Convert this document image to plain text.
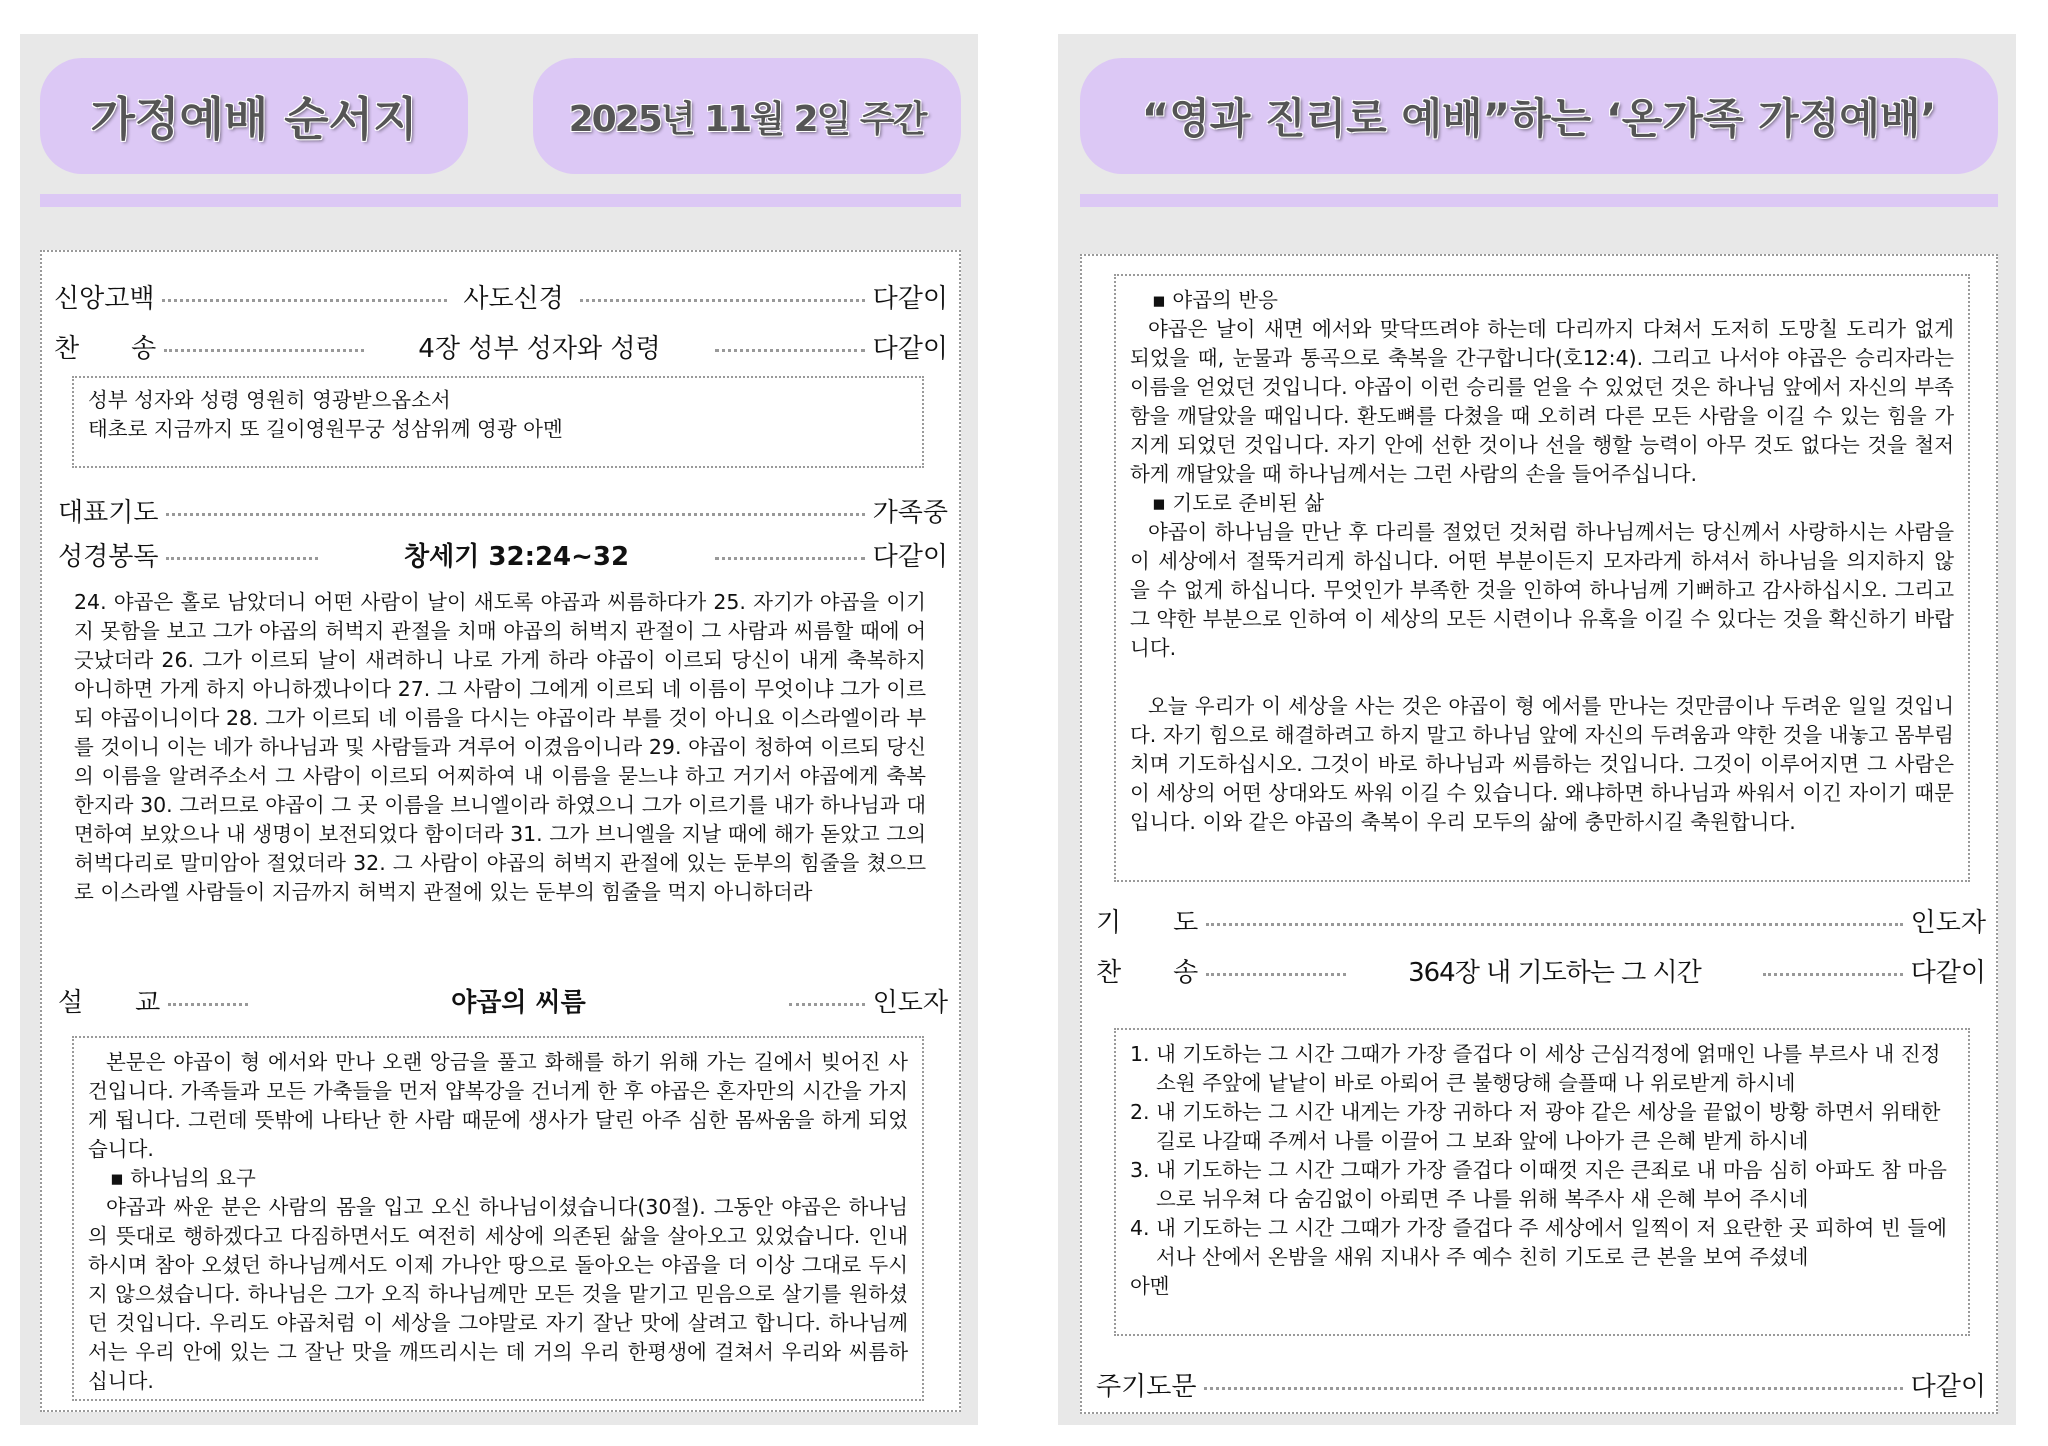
가정예배 순서지	2025년 11월 2일 주간
신앙고백	사도신경	다같이
찬　　송	4장 성부 성자와 성령	다같이

성부 성자와 성령 영원히 영광받으옵소서

태초로 지금까지 또 길이영원무궁 성삼위께 영광 아멘

대표기도	가족중
성경봉독	창세기 32:24~32	다같이
24. 야곱은 홀로 남았더니 어떤 사람이 날이 새도록 야곱과 씨름하다가 25. 자기가 야곱을 이기지 못함을 보고 그가 야곱의 허벅지 관절을 치매 야곱의 허벅지 관절이 그 사람과 씨름할 때에 어긋났더라 26. 그가 이르되 날이 새려하니 나로 가게 하라 야곱이 이르되 당신이 내게 축복하지 아니하면 가게 하지 아니하겠나이다 27. 그 사람이 그에게 이르되 네 이름이 무엇이냐 그가 이르되 야곱이니이다 28. 그가 이르되 네 이름을 다시는 야곱이라 부를 것이 아니요 이스라엘이라 부를 것이니 이는 네가 하나님과 및 사람들과 겨루어 이겼음이니라 29. 야곱이 청하여 이르되 당신의 이름을 알려주소서 그 사람이 이르되 어찌하여 내 이름을 묻느냐 하고 거기서 야곱에게 축복한지라 30. 그러므로 야곱이 그 곳 이름을 브니엘이라 하였으니 그가 이르기를 내가 하나님과 대면하여 보았으나 내 생명이 보전되었다 함이더라 31. 그가 브니엘을 지날 때에 해가 돋았고 그의 허벅다리로 말미암아 절었더라 32. 그 사람이 야곱의 허벅지 관절에 있는 둔부의 힘줄을 쳤으므로 이스라엘 사람들이 지금까지 허벅지 관절에 있는 둔부의 힘줄을 먹지 아니하더라
설　　교	야곱의 씨름	인도자

본문은 야곱이 형 에서와 만나 오랜 앙금을 풀고 화해를 하기 위해 가는 길에서 빚어진 사건입니다. 가족들과 모든 가축들을 먼저 얍복강을 건너게 한 후 야곱은 혼자만의 시간을 가지게 됩니다. 그런데 뜻밖에 나타난 한 사람 때문에 생사가 달린 아주 심한 몸싸움을 하게 되었습니다.

▪ 하나님의 요구

야곱과 싸운 분은 사람의 몸을 입고 오신 하나님이셨습니다(30절). 그동안 야곱은 하나님의 뜻대로 행하겠다고 다짐하면서도 여전히 세상에 의존된 삶을 살아오고 있었습니다. 인내하시며 참아 오셨던 하나님께서도 이제 가나안 땅으로 돌아오는 야곱을 더 이상 그대로 두시지 않으셨습니다. 하나님은 그가 오직 하나님께만 모든 것을 맡기고 믿음으로 살기를 원하셨던 것입니다. 우리도 야곱처럼 이 세상을 그야말로 자기 잘난 맛에 살려고 합니다. 하나님께서는 우리 안에 있는 그 잘난 맛을 깨뜨리시는 데 거의 우리 한평생에 걸쳐서 우리와 씨름하십니다.

“영과 진리로 예배”하는 ‘온가족 가정예배’

▪ 야곱의 반응

야곱은 날이 새면 에서와 맞닥뜨려야 하는데 다리까지 다쳐서 도저히 도망칠 도리가 없게 되었을 때, 눈물과 통곡으로 축복을 간구합니다(호12:4). 그리고 나서야 야곱은 승리자라는 이름을 얻었던 것입니다. 야곱이 이런 승리를 얻을 수 있었던 것은 하나님 앞에서 자신의 부족함을 깨달았을 때입니다. 환도뼈를 다쳤을 때 오히려 다른 모든 사람을 이길 수 있는 힘을 가지게 되었던 것입니다. 자기 안에 선한 것이나 선을 행할 능력이 아무 것도 없다는 것을 철저하게 깨달았을 때 하나님께서는 그런 사람의 손을 들어주십니다.

▪ 기도로 준비된 삶

야곱이 하나님을 만난 후 다리를 절었던 것처럼 하나님께서는 당신께서 사랑하시는 사람을 이 세상에서 절뚝거리게 하십니다. 어떤 부분이든지 모자라게 하셔서 하나님을 의지하지 않을 수 없게 하십니다. 무엇인가 부족한 것을 인하여 하나님께 기뻐하고 감사하십시오. 그리고 그 약한 부분으로 인하여 이 세상의 모든 시련이나 유혹을 이길 수 있다는 것을 확신하기 바랍니다.

오늘 우리가 이 세상을 사는 것은 야곱이 형 에서를 만나는 것만큼이나 두려운 일일 것입니다. 자기 힘으로 해결하려고 하지 말고 하나님 앞에 자신의 두려움과 약한 것을 내놓고 몸부림치며 기도하십시오. 그것이 바로 하나님과 씨름하는 것입니다. 그것이 이루어지면 그 사람은 이 세상의 어떤 상대와도 싸워 이길 수 있습니다. 왜냐하면 하나님과 싸워서 이긴 자이기 때문입니다. 이와 같은 야곱의 축복이 우리 모두의 삶에 충만하시길 축원합니다.

기　　도	인도자
찬　　송	364장 내 기도하는 그 시간	다같이

1. 내 기도하는 그 시간 그때가 가장 즐겁다 이 세상 근심걱정에 얽매인 나를 부르사 내 진정소원 주앞에 낱낱이 바로 아뢰어 큰 불행당해 슬플때 나 위로받게 하시네

2. 내 기도하는 그 시간 내게는 가장 귀하다 저 광야 같은 세상을 끝없이 방황 하면서 위태한 길로 나갈때 주께서 나를 이끌어 그 보좌 앞에 나아가 큰 은혜 받게 하시네

3. 내 기도하는 그 시간 그때가 가장 즐겁다 이때껏 지은 큰죄로 내 마음 심히 아파도 참 마음으로 뉘우쳐 다 숨김없이 아뢰면 주 나를 위해 복주사 새 은혜 부어 주시네

4. 내 기도하는 그 시간 그때가 가장 즐겁다 주 세상에서 일찍이 저 요란한 곳 피하여 빈 들에서나 산에서 온밤을 새워 지내사 주 예수 친히 기도로 큰 본을 보여 주셨네

아멘

주기도문	다같이
